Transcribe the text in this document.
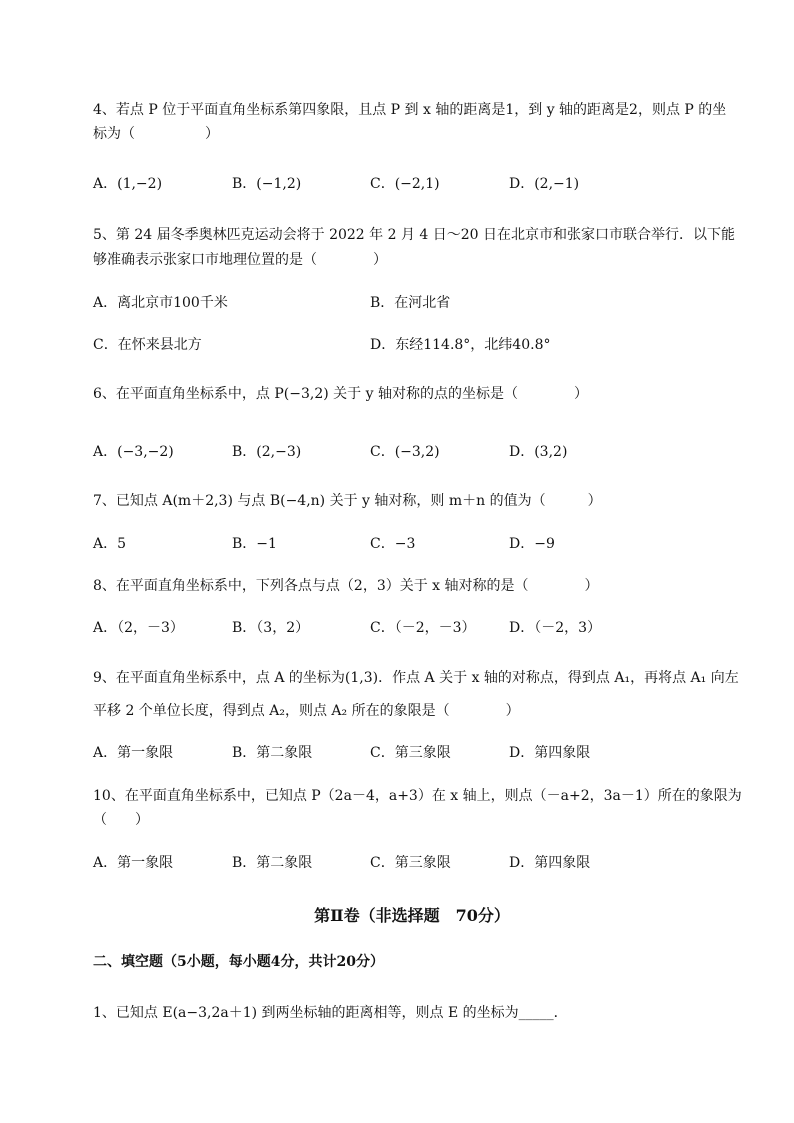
4、若点 P 位于平面直角坐标系第四象限，且点 P 到 x 轴的距离是1，到 y 轴的距离是2，则点 P 的坐
标为（　　　　　）
A．(1,−2)	B．(−1,2)	C．(−2,1)	D．(2,−1)
5、第 24 届冬季奥林匹克运动会将于 2022 年 2 月 4 日～20 日在北京市和张家口市联合举行．以下能
够准确表示张家口市地理位置的是（　　　　）
A．离北京市100千米	B．在河北省
C．在怀来县北方	D．东经114.8°，北纬40.8°
6、在平面直角坐标系中，点 P(−3,2) 关于 y 轴对称的点的坐标是（　　　　）
A．(−3,−2)	B．(2,−3)	C．(−3,2)	D．(3,2)
7、已知点 A(m＋2,3) 与点 B(−4,n) 关于 y 轴对称，则 m＋n 的值为（　　　）
A．5	B．−1	C．−3	D．−9
8、在平面直角坐标系中，下列各点与点（2，3）关于 x 轴对称的是（　　　　）
A．（2，－3）	B．（3，2）	C．（－2，－3） D．（－2，3）
9、在平面直角坐标系中，点 A 的坐标为(1,3)．作点 A 关于 x 轴的对称点，得到点 A₁，再将点 A₁ 向左
平移 2 个单位长度，得到点 A₂，则点 A₂ 所在的象限是（　　　　）
A．第一象限	B．第二象限	C．第三象限	D．第四象限
10、在平面直角坐标系中，已知点 P（2a－4，a+3）在 x 轴上，则点（－a+2，3a－1）所在的象限为
（　　）
A．第一象限	B．第二象限	C．第三象限	D．第四象限
第Ⅱ卷（非选择题　70分）
二、填空题（5小题，每小题4分，共计20分）
1、已知点 E(a−3,2a＋1) 到两坐标轴的距离相等，则点 E 的坐标为_____．
